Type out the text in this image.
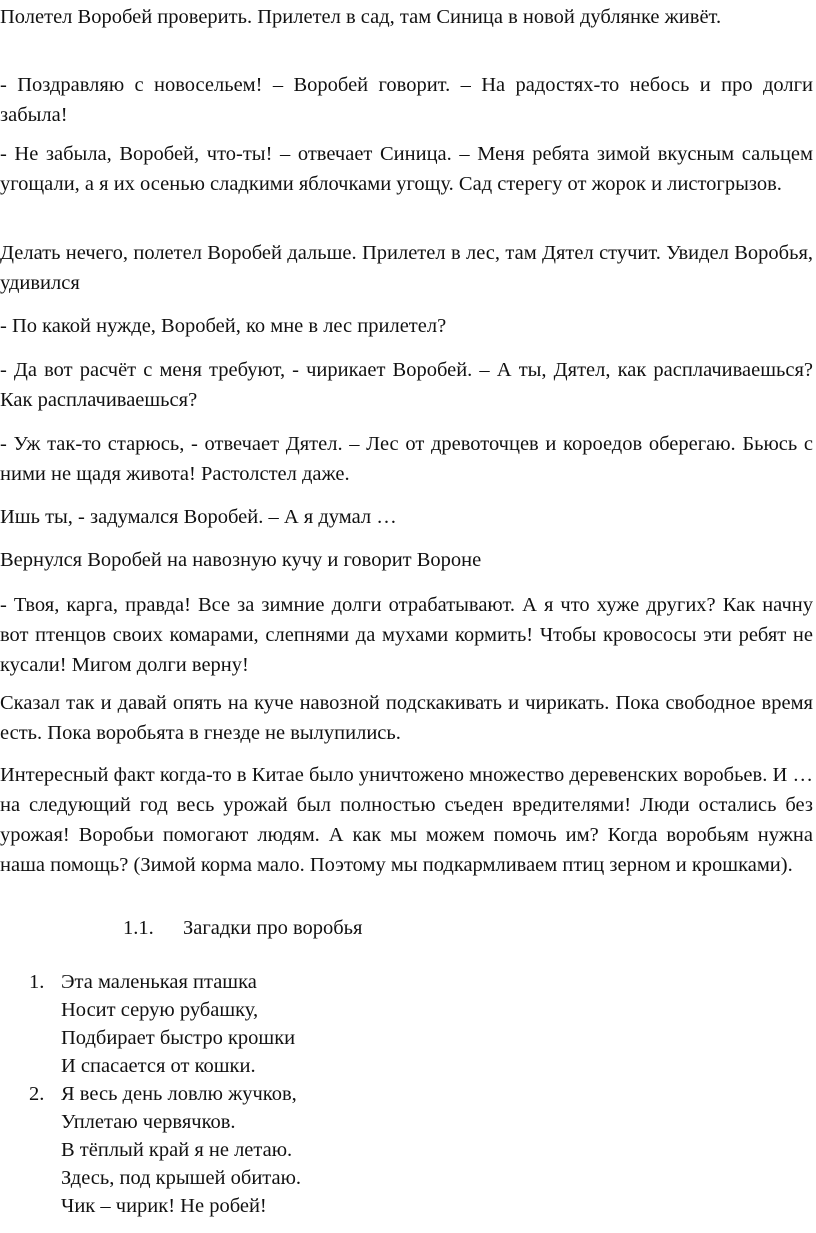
Полетел Воробей проверить. Прилетел в сад, там Синица в новой дублянке живёт.

- Поздравляю с новосельем! – Воробей говорит. – На радостях-то небось и про долги забыла!

- Не забыла, Воробей, что-ты! – отвечает Синица. – Меня ребята зимой вкусным сальцем угощали, а я их осенью сладкими яблочками угощу. Сад стерегу от жорок и листогрызов.

Делать нечего, полетел Воробей дальше. Прилетел в лес, там Дятел стучит. Увидел Воробья, удивился

- По какой нужде, Воробей, ко мне в лес прилетел?

- Да вот расчёт с меня требуют, - чирикает Воробей. – А ты, Дятел, как расплачиваешься? Как расплачиваешься?

- Уж так-то старюсь, - отвечает Дятел. – Лес от древоточцев и короедов оберегаю. Бьюсь с ними не щадя живота! Растолстел даже.

Ишь ты, - задумался Воробей. – А я думал …

Вернулся Воробей на навозную кучу и говорит Вороне

- Твоя, карга, правда! Все за зимние долги отрабатывают. А я что хуже других? Как начну вот птенцов своих комарами, слепнями да мухами кормить! Чтобы кровососы эти ребят не кусали! Мигом долги верну!

Сказал так и давай опять на куче навозной подскакивать и чирикать. Пока свободное время есть. Пока воробьята в гнезде не вылупились.

Интересный факт когда-то в Китае было уничтожено множество деревенских воробьев. И … на следующий год весь урожай был полностью съеден вредителями! Люди остались без урожая! Воробьи помогают людям. А как мы можем помочь им? Когда воробьям нужна наша помощь? (Зимой корма мало. Поэтому мы подкармливаем птиц зерном и крошками).

1.1. Загадки про воробья
1. Эта маленькая пташка
Носит серую рубашку,
Подбирает быстро крошки
И спасается от кошки.
2. Я весь день ловлю жучков,
Уплетаю червячков.
В тёплый край я не летаю.
Здесь, под крышей обитаю.
Чик – чирик! Не робей!
